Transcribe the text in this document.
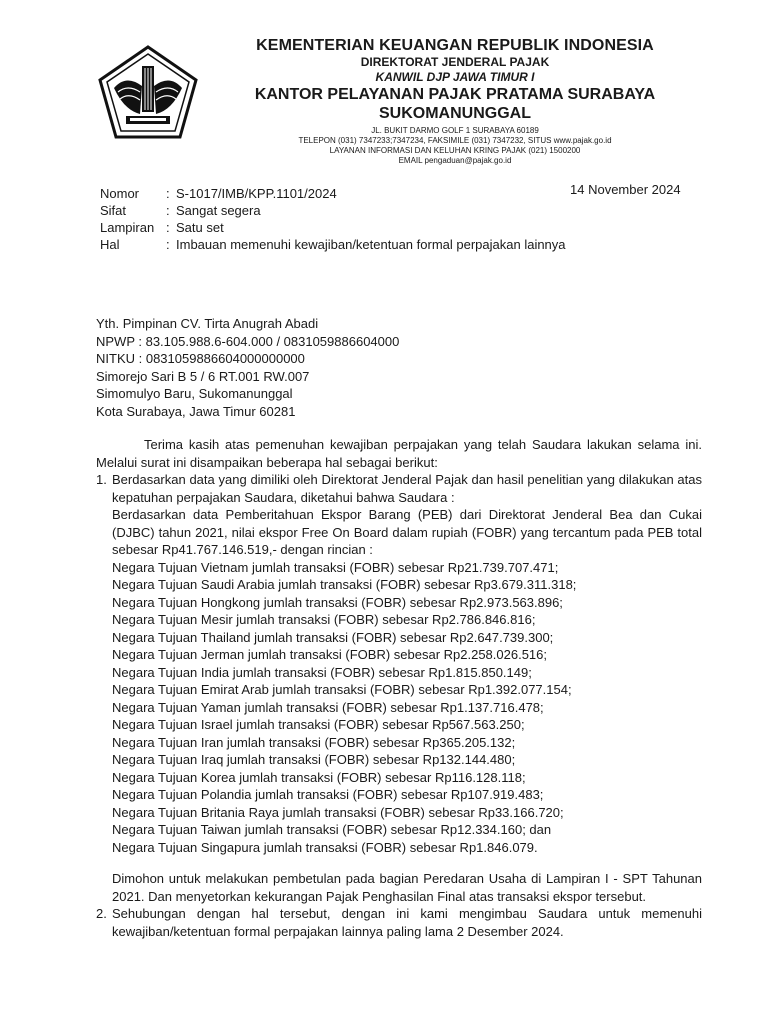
KEMENTERIAN KEUANGAN REPUBLIK INDONESIA
DIREKTORAT JENDERAL PAJAK
KANWIL DJP JAWA TIMUR I
KANTOR PELAYANAN PAJAK PRATAMA SURABAYA
SUKOMANUNGGAL
JL. BUKIT DARMO GOLF 1 SURABAYA 60189
TELEPON (031) 7347233;7347234, FAKSIMILE (031) 7347232, SITUS www.pajak.go.id
LAYANAN INFORMASI DAN KELUHAN KRING PAJAK (021) 1500200
EMAIL pengaduan@pajak.go.id
14 November 2024
Nomor	:	S-1017/IMB/KPP.1101/2024
Sifat	:	Sangat segera
Lampiran	:	Satu set
Hal	:	Imbauan memenuhi kewajiban/ketentuan formal perpajakan lainnya
Yth. Pimpinan CV. Tirta Anugrah Abadi
NPWP : 83.105.988.6-604.000 / 0831059886604000
NITKU : 0831059886604000000000
Simorejo Sari B 5 / 6 RT.001 RW.007
Simomulyo Baru, Sukomanunggal
Kota Surabaya, Jawa Timur 60281

Terima kasih atas pemenuhan kewajiban perpajakan yang telah Saudara lakukan selama ini. Melalui surat ini disampaikan beberapa hal sebagai berikut:

1. Berdasarkan data yang dimiliki oleh Direktorat Jenderal Pajak dan hasil penelitian yang dilakukan atas kepatuhan perpajakan Saudara, diketahui bahwa Saudara :

Berdasarkan data Pemberitahuan Ekspor Barang (PEB) dari Direktorat Jenderal Bea dan Cukai (DJBC) tahun 2021, nilai ekspor Free On Board dalam rupiah (FOBR) yang tercantum pada PEB total sebesar Rp41.767.146.519,- dengan rincian :

Negara Tujuan Vietnam jumlah transaksi (FOBR) sebesar Rp21.739.707.471;
Negara Tujuan Saudi Arabia jumlah transaksi (FOBR) sebesar Rp3.679.311.318;
Negara Tujuan Hongkong jumlah transaksi (FOBR) sebesar Rp2.973.563.896;
Negara Tujuan Mesir jumlah transaksi (FOBR) sebesar Rp2.786.846.816;
Negara Tujuan Thailand jumlah transaksi (FOBR) sebesar Rp2.647.739.300;
Negara Tujuan Jerman jumlah transaksi (FOBR) sebesar Rp2.258.026.516;
Negara Tujuan India jumlah transaksi (FOBR) sebesar Rp1.815.850.149;
Negara Tujuan Emirat Arab jumlah transaksi (FOBR) sebesar Rp1.392.077.154;
Negara Tujuan Yaman jumlah transaksi (FOBR) sebesar Rp1.137.716.478;
Negara Tujuan Israel jumlah transaksi (FOBR) sebesar Rp567.563.250;
Negara Tujuan Iran jumlah transaksi (FOBR) sebesar Rp365.205.132;
Negara Tujuan Iraq jumlah transaksi (FOBR) sebesar Rp132.144.480;
Negara Tujuan Korea jumlah transaksi (FOBR) sebesar Rp116.128.118;
Negara Tujuan Polandia jumlah transaksi (FOBR) sebesar Rp107.919.483;
Negara Tujuan Britania Raya jumlah transaksi (FOBR) sebesar Rp33.166.720;
Negara Tujuan Taiwan jumlah transaksi (FOBR) sebesar Rp12.334.160; dan
Negara Tujuan Singapura jumlah transaksi (FOBR) sebesar Rp1.846.079.

Dimohon untuk melakukan pembetulan pada bagian Peredaran Usaha di Lampiran I - SPT Tahunan 2021. Dan menyetorkan kekurangan Pajak Penghasilan Final atas transaksi ekspor tersebut.

2. Sehubungan dengan hal tersebut, dengan ini kami mengimbau Saudara untuk memenuhi kewajiban/ketentuan formal perpajakan lainnya paling lama 2 Desember 2024.
